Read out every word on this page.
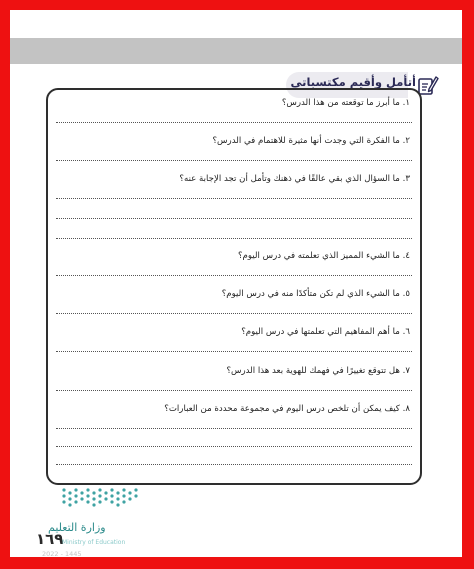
أتأمل وأقيم مكتسباتي
١. ما أبرز ما توقعته من هذا الدرس؟
٢. ما الفكرة التي وجدت أنها مثيرة للاهتمام في الدرس؟
٣. ما السؤال الذي بقي عالقًا في ذهنك وتأمل أن تجد الإجابة عنه؟
٤. ما الشيء المميز الذي تعلمته في درس اليوم؟
٥. ما الشيء الذي لم تكن متأكدًا منه في درس اليوم؟
٦. ما أهم المفاهيم التي تعلمتها في درس اليوم؟
٧. هل تتوقع تغييرًا في فهمك للهوية بعد هذا الدرس؟
٨. كيف يمكن أن تلخص درس اليوم في مجموعة محددة من العبارات؟
وزارة التعليم
١٦٩
Ministry of Education
2022 - 1445
